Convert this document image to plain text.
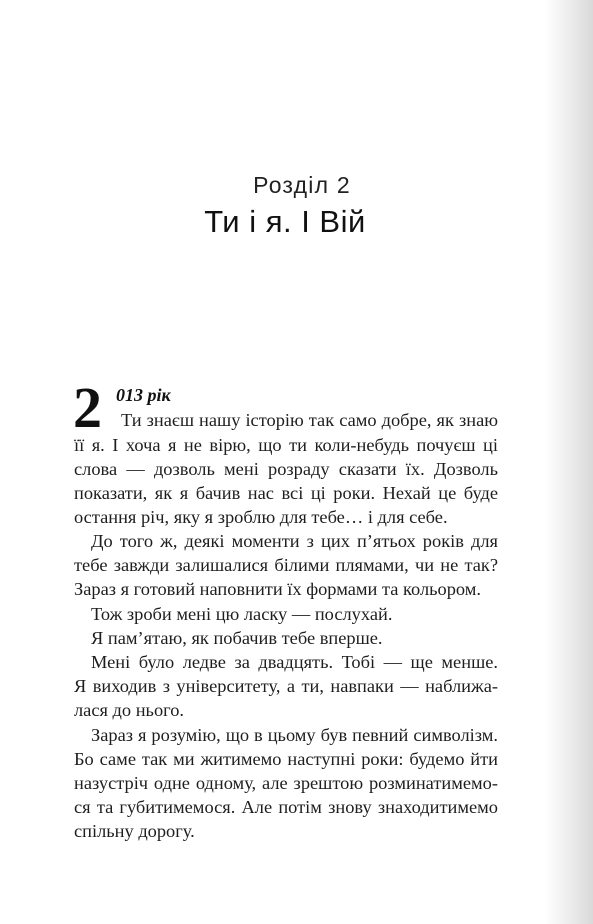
Розділ 2
Ти і я. І Вій
2 013 рік
Ти знаєш нашу історію так само добре, як знаю
її я. І хоча я не вірю, що ти коли-небудь почуєш ці
слова — дозволь мені розраду сказати їх. Дозволь
показати, як я бачив нас всі ці роки. Нехай це буде
остання річ, яку я зроблю для тебе… і для себе.
До того ж, деякі моменти з цих п’ятьох років для
тебе завжди залишалися білими плямами, чи не так?
Зараз я готовий наповнити їх формами та кольором.
Тож зроби мені цю ласку — послухай.
Я пам’ятаю, як побачив тебе вперше.
Мені було ледве за двадцять. Тобі — ще менше.
Я виходив з університету, а ти, навпаки — наближа-
лася до нього.
Зараз я розумію, що в цьому був певний символізм.
Бо саме так ми житимемо наступні роки: будемо йти
назустріч одне одному, але зрештою розминатимемо-
ся та губитимемося. Але потім знову знаходитимемо
спільну дорогу.
